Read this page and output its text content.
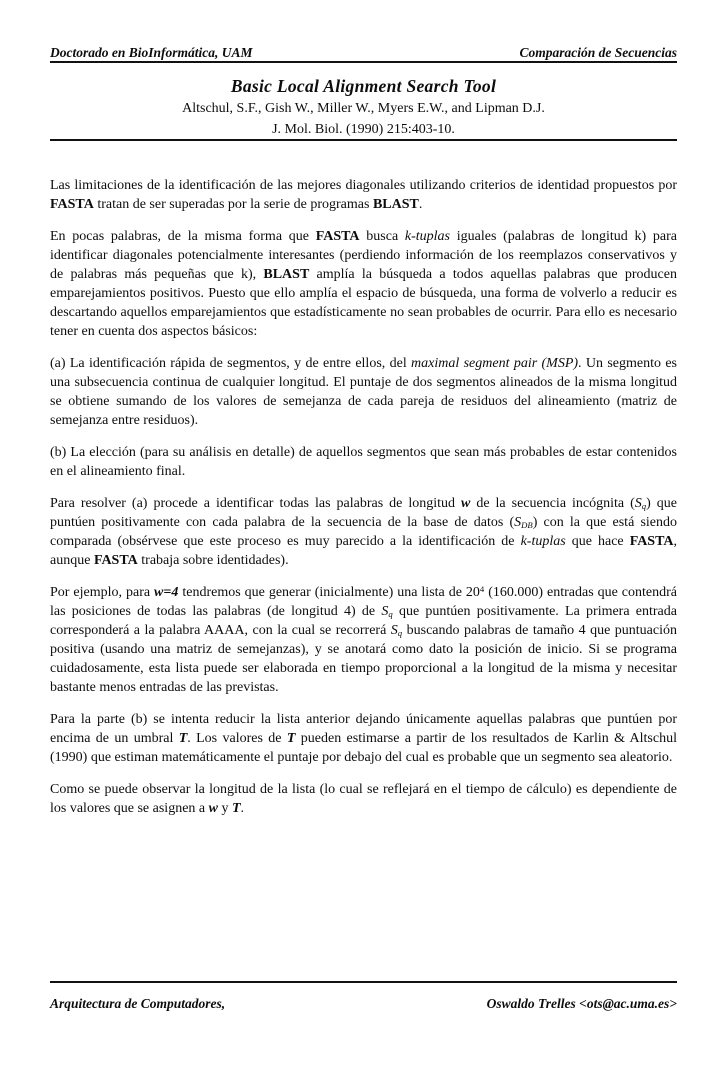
Doctorado en BioInformática, UAM	Comparación de Secuencias
Basic Local Alignment Search Tool
Altschul, S.F., Gish W., Miller W., Myers E.W., and Lipman D.J.
J. Mol. Biol. (1990) 215:403-10.

Las limitaciones de la identificación de las mejores diagonales utilizando criterios de identidad propuestos por FASTA tratan de ser superadas por la serie de programas BLAST.

En pocas palabras, de la misma forma que FASTA busca k-tuplas iguales (palabras de longitud k) para identificar diagonales potencialmente interesantes (perdiendo información de los reemplazos conservativos y de palabras más pequeñas que k), BLAST amplía la búsqueda a todos aquellas palabras que producen emparejamientos positivos. Puesto que ello amplía el espacio de búsqueda, una forma de volverlo a reducir es descartando aquellos emparejamientos que estadísticamente no sean probables de ocurrir. Para ello es necesario tener en cuenta dos aspectos básicos:

(a) La identificación rápida de segmentos, y de entre ellos, del maximal segment pair (MSP). Un segmento es una subsecuencia continua de cualquier longitud. El puntaje de dos segmentos alineados de la misma longitud se obtiene sumando de los valores de semejanza de cada pareja de residuos del alineamiento (matriz de semejanza entre residuos).

(b) La elección (para su análisis en detalle) de aquellos segmentos que sean más probables de estar contenidos en el alineamiento final.

Para resolver (a) procede a identificar todas las palabras de longitud w de la secuencia incógnita $(S_q)$ que puntúen positivamente con cada palabra de la secuencia de la base de datos $(S_{DB})$ con la que está siendo comparada (obsérvese que este proceso es muy parecido a la identificación de k-tuplas que hace FASTA, aunque FASTA trabaja sobre identidades).

Por ejemplo, para w=4 tendremos que generar (inicialmente) una lista de $20^4$ (160.000) entradas que contendrá las posiciones de todas las palabras (de longitud 4) de $S_q$ que puntúen positivamente. La primera entrada corresponderá a la palabra AAAA, con la cual se recorrerá $S_q$ buscando palabras de tamaño 4 que puntuación positiva (usando una matriz de semejanzas), y se anotará como dato la posición de inicio. Si se programa cuidadosamente, esta lista puede ser elaborada en tiempo proporcional a la longitud de la misma y necesitar bastante menos entradas de las previstas.

Para la parte (b) se intenta reducir la lista anterior dejando únicamente aquellas palabras que puntúen por encima de un umbral T. Los valores de T pueden estimarse a partir de los resultados de Karlin & Altschul (1990) que estiman matemáticamente el puntaje por debajo del cual es probable que un segmento sea aleatorio.

Como se puede observar la longitud de la lista (lo cual se reflejará en el tiempo de cálculo) es dependiente de los valores que se asignen a w y T.

Arquitectura de Computadores,	Oswaldo Trelles <ots@ac.uma.es>
